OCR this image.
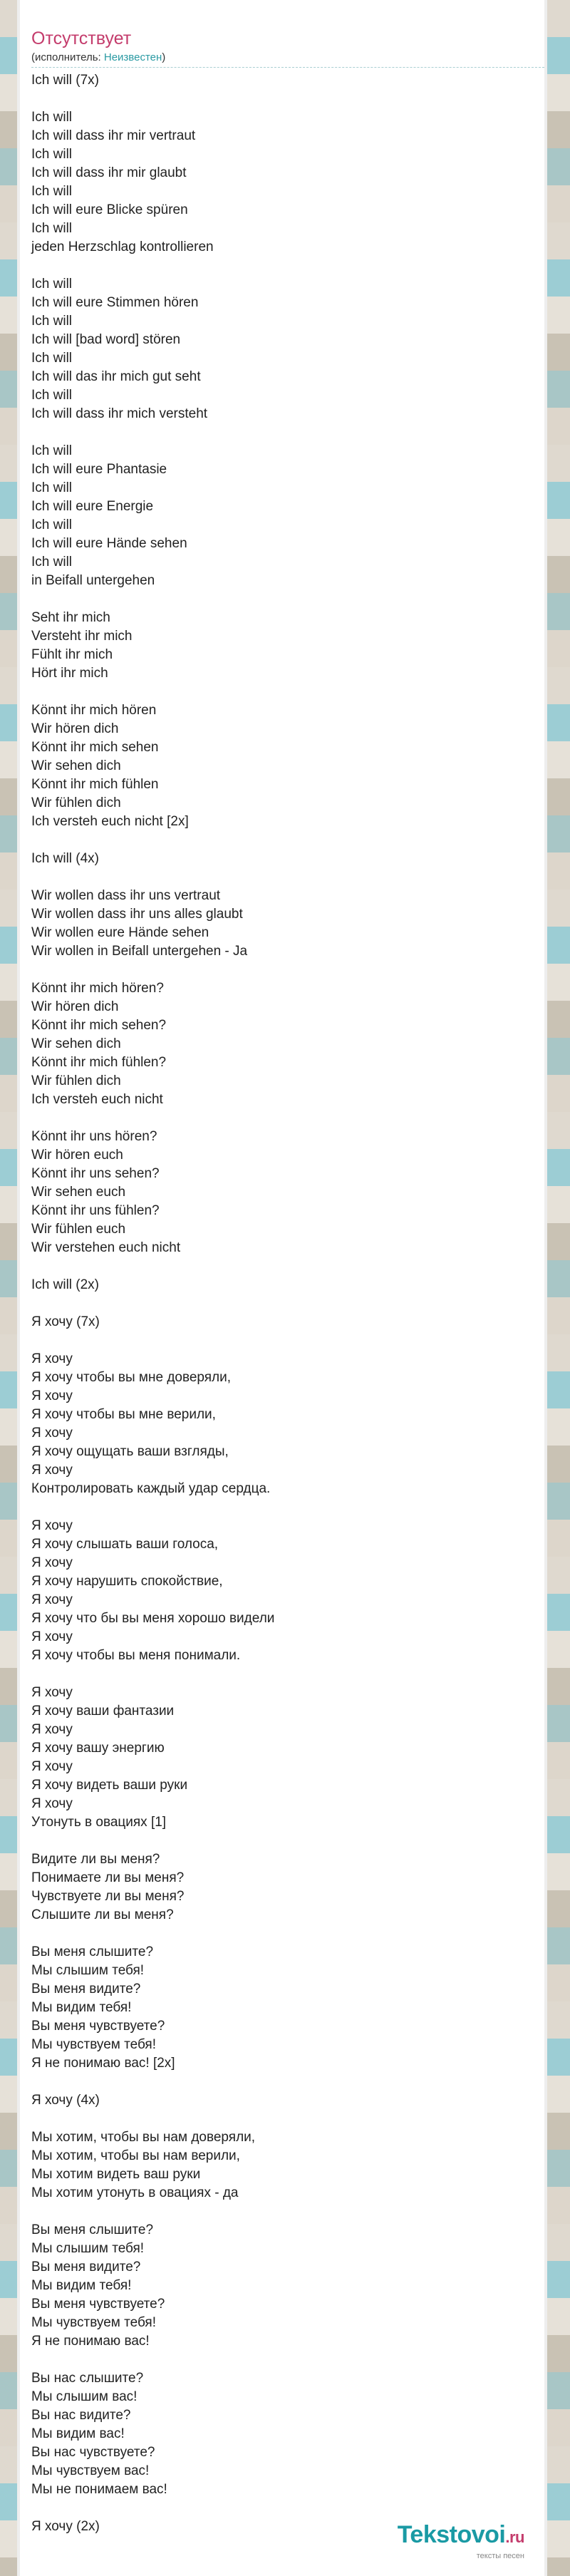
Отсутствует
(исполнитель: Неизвестен)
Ich will (7x)
Ich will
Ich will dass ihr mir vertraut
Ich will
Ich will dass ihr mir glaubt
Ich will
Ich will eure Blicke spüren
Ich will
jeden Herzschlag kontrollieren
Ich will
Ich will eure Stimmen hören
Ich will
Ich will [bad word] stören
Ich will
Ich will das ihr mich gut seht
Ich will
Ich will dass ihr mich versteht
Ich will
Ich will eure Phantasie
Ich will
Ich will eure Energie
Ich will
Ich will eure Hände sehen
Ich will
in Beifall untergehen
Seht ihr mich
Versteht ihr mich
Fühlt ihr mich
Hört ihr mich
Könnt ihr mich hören
Wir hören dich
Könnt ihr mich sehen
Wir sehen dich
Könnt ihr mich fühlen
Wir fühlen dich
Ich versteh euch nicht [2x]
Ich will (4x)
Wir wollen dass ihr uns vertraut
Wir wollen dass ihr uns alles glaubt
Wir wollen eure Hände sehen
Wir wollen in Beifall untergehen - Ja
Könnt ihr mich hören?
Wir hören dich
Könnt ihr mich sehen?
Wir sehen dich
Könnt ihr mich fühlen?
Wir fühlen dich
Ich versteh euch nicht
Könnt ihr uns hören?
Wir hören euch
Könnt ihr uns sehen?
Wir sehen euch
Könnt ihr uns fühlen?
Wir fühlen euch
Wir verstehen euch nicht
Ich will (2x)
Я хочу (7x)
Я хочу
Я хочу чтобы вы мне доверяли,
Я хочу
Я хочу чтобы вы мне верили,
Я хочу
Я хочу ощущать ваши взгляды,
Я хочу
Контролировать каждый удар сердца.
Я хочу
Я хочу слышать ваши голоса,
Я хочу
Я хочу нарушить спокойствие,
Я хочу
Я хочу что бы вы меня хорошо видели
Я хочу
Я хочу чтобы вы меня понимали.
Я хочу
Я хочу ваши фантазии
Я хочу
Я хочу вашу энергию
Я хочу
Я хочу видеть ваши руки
Я хочу
Утонуть в овациях [1]
Видите ли вы меня?
Понимаете ли вы меня?
Чувствуете ли вы меня?
Слышите ли вы меня?
Вы меня слышите?
Мы слышим тебя!
Вы меня видите?
Мы видим тебя!
Вы меня чувствуете?
Мы чувствуем тебя!
Я не понимаю вас! [2x]
Я хочу (4x)
Мы хотим, чтобы вы нам доверяли,
Мы хотим, чтобы вы нам верили,
Мы хотим видеть ваш руки
Мы хотим утонуть в овациях - да
Вы меня слышите?
Мы слышим тебя!
Вы меня видите?
Мы видим тебя!
Вы меня чувствуете?
Мы чувствуем тебя!
Я не понимаю вас!
Вы нас слышите?
Мы слышим вас!
Вы нас видите?
Мы видим вас!
Вы нас чувствуете?
Мы чувствуем вас!
Мы не понимаем вас!
Я хочу (2x)	Tekstovoi.ru
тексты песен
